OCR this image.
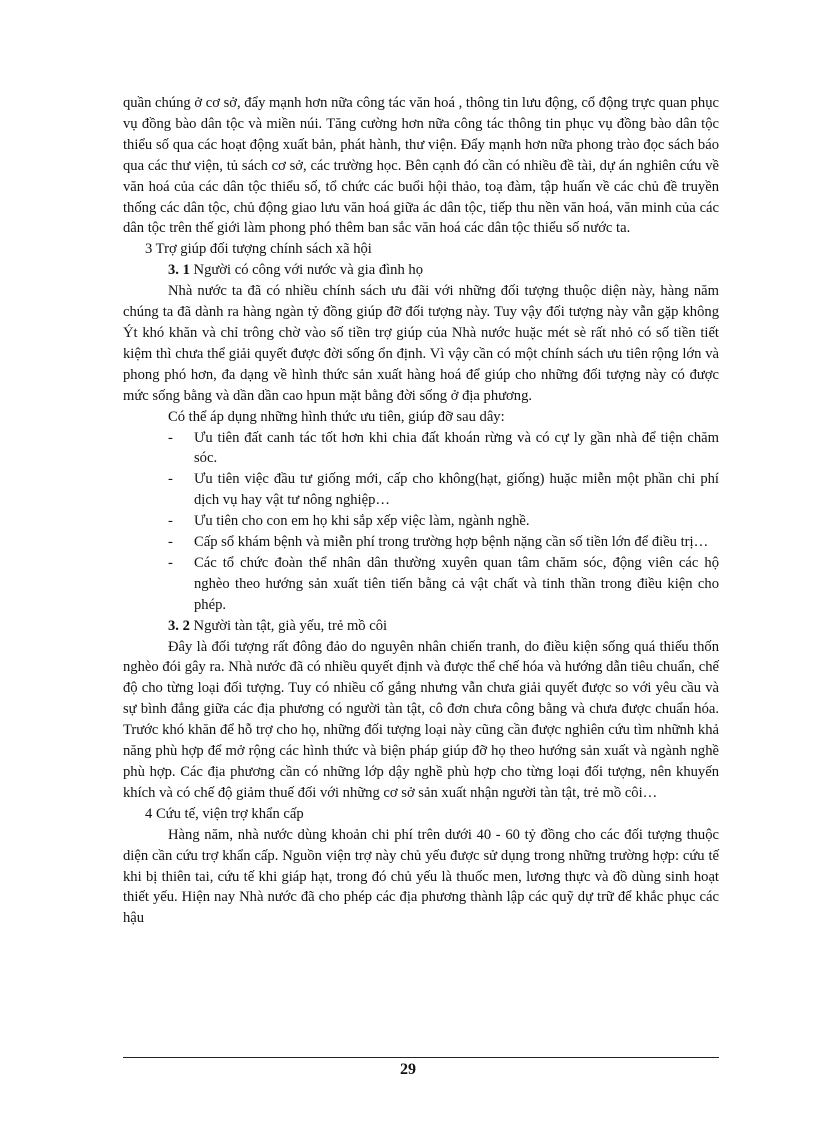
quần chúng ở cơ sở, đẩy mạnh hơn nữa công tác văn hoá , thông tin lưu động, cổ động trực quan phục vụ đồng bào dân tộc và miền núi. Tăng cường hơn nữa công tác thông tin phục vụ đồng bào dân tộc thiểu số qua các hoạt động xuất bản, phát hành, thư viện. Đẩy mạnh hơn nữa phong trào đọc sách báo qua các thư viện, tủ sách cơ sở, các trường học. Bên cạnh đó cần có nhiều đề tài, dự án nghiên cứu về văn hoá của các dân tộc thiểu số, tổ chức các buổi hội thảo, toạ đàm, tập huấn về các chủ đề truyền thống các dân tộc, chủ động giao lưu văn hoá giữa ác dân tộc, tiếp thu nền văn hoá, văn minh của các dân tộc trên thế giới làm phong phó thêm ban sắc văn hoá các dân tộc thiểu số nước ta.

3 Trợ giúp đối tượng chính sách xã hội

3. 1 Người có công với nước và gia đình họ

Nhà nước ta đã có nhiều chính sách ưu đãi với những đối tượng thuộc diện này, hàng năm chúng ta đã dành ra hàng ngàn tỷ đồng giúp đỡ đối tượng này. Tuy vậy đối tượng này vẫn gặp không Ýt khó khăn và chỉ trông chờ vào số tiền trợ giúp của Nhà nước huặc mét sè rất nhỏ có số tiền tiết kiệm thì chưa thể giải quyết được đời sống ổn định. Vì vậy cần có một chính sách ưu tiên rộng lớn và phong phó hơn, đa dạng về hình thức sản xuất hàng hoá để giúp cho những đối tượng này có được mức sống bằng và dần dần cao hpun mặt bằng đời sống ở địa phương.

Có thể áp dụng những hình thức ưu tiên, giúp đỡ sau dây:

- Ưu tiên đất canh tác tốt hơn khi chia đất khoán rừng và có cự ly gần nhà để tiện chăm sóc.
- Ưu tiên việc đầu tư giống mới, cấp cho không(hạt, giống) huặc miễn một phần chi phí dịch vụ hay vật tư nông nghiệp…
- Ưu tiên cho con em họ khi sắp xếp việc làm, ngành nghề.
- Cấp sổ khám bệnh và miễn phí trong trường hợp bệnh nặng cần số tiền lớn để điều trị…
- Các tổ chức đoàn thể nhân dân thường xuyên quan tâm chăm sóc, động viên các hộ nghèo theo hướng sản xuất tiên tiến bằng cả vật chất và tinh thần trong điều kiện cho phép.

3. 2 Người tàn tật, già yếu, trẻ mồ côi

Đây là đối tượng rất đông đảo do nguyên nhân chiến tranh, do điều kiện sống quá thiếu thốn nghèo đói gây ra. Nhà nước đã có nhiều quyết định và được thể chế hóa và hướng dẫn tiêu chuẩn, chế độ cho từng loại đối tượng. Tuy có nhiều cố gắng nhưng vẫn chưa giải quyết được so với yêu cầu và sự bình đẳng giữa các địa phương có người tàn tật, cô đơn chưa công bằng và chưa được chuẩn hóa. Trước khó khăn để hỗ trợ cho họ, những đối tượng loại này cũng cần được nghiên cứu tìm nhữnh khả năng phù hợp để mở rộng các hình thức và biện pháp giúp đỡ họ theo hướng sản xuất và ngành nghề phù hợp. Các địa phương cần có những lớp dậy nghề phù hợp cho từng loại đối tượng, nên khuyến khích và có chế độ giảm thuế đối với những cơ sở sản xuất nhận người tàn tật, trẻ mồ côi…

4 Cứu tế, viện trợ khẩn cấp

Hàng năm, nhà nước dùng khoản chi phí trên dưới 40 - 60 tỷ đồng cho các đối tượng thuộc diện cần cứu trợ khẩn cấp. Nguồn viện trợ này chủ yếu được sử dụng trong những trường hợp: cứu tế khi bị thiên tai, cứu tế khi giáp hạt, trong đó chủ yếu là thuốc men, lương thực và đồ dùng sinh hoạt thiết yếu. Hiện nay Nhà nước đã cho phép các địa phương thành lập các quỹ dự trữ để khắc phục các hậu

29
